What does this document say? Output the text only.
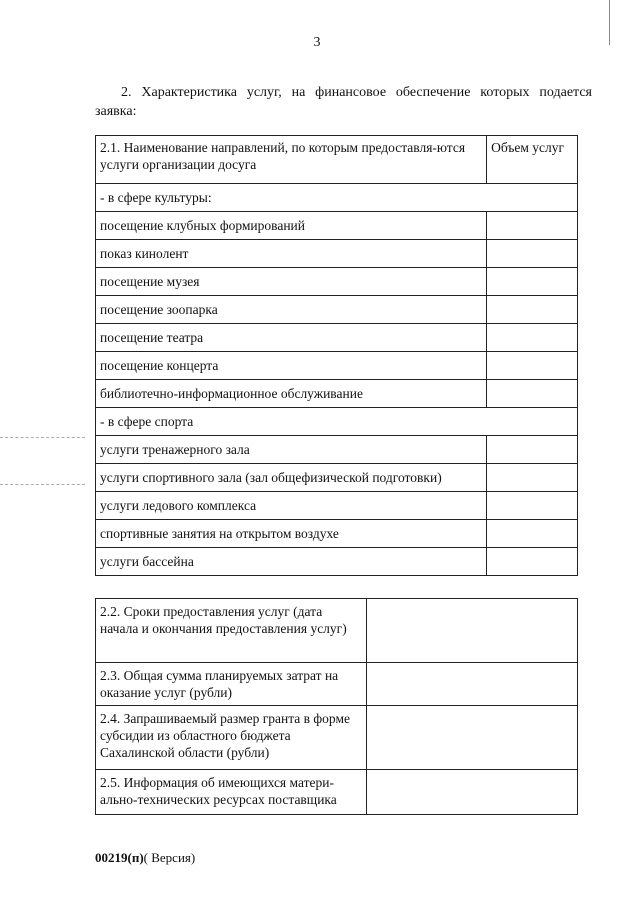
3
2. Характеристика услуг, на финансовое обеспечение которых подается заявка:
2.1. Наименование направлений, по которым предоставля-ются услуги организации досуга	Объем услуг
- в сфере культуры:	
посещение клубных формирований	
показ кинолент	
посещение музея	
посещение зоопарка	
посещение театра	
посещение концерта	
библиотечно-информационное обслуживание	
- в сфере спорта	
услуги тренажерного зала	
услуги спортивного зала (зал общефизической подготовки)	
услуги ледового комплекса	
спортивные занятия на открытом воздухе	
услуги бассейна	
2.2. Сроки предоставления услуг (дата начала и окончания предоставления услуг)	
2.3. Общая сумма планируемых затрат на оказание услуг (рубли)	
2.4. Запрашиваемый размер гранта в форме субсидии из областного бюджета Сахалинской области (рубли)	
2.5. Информация об имеющихся матери-ально-технических ресурсах поставщика	
00219(п)( Версия)
